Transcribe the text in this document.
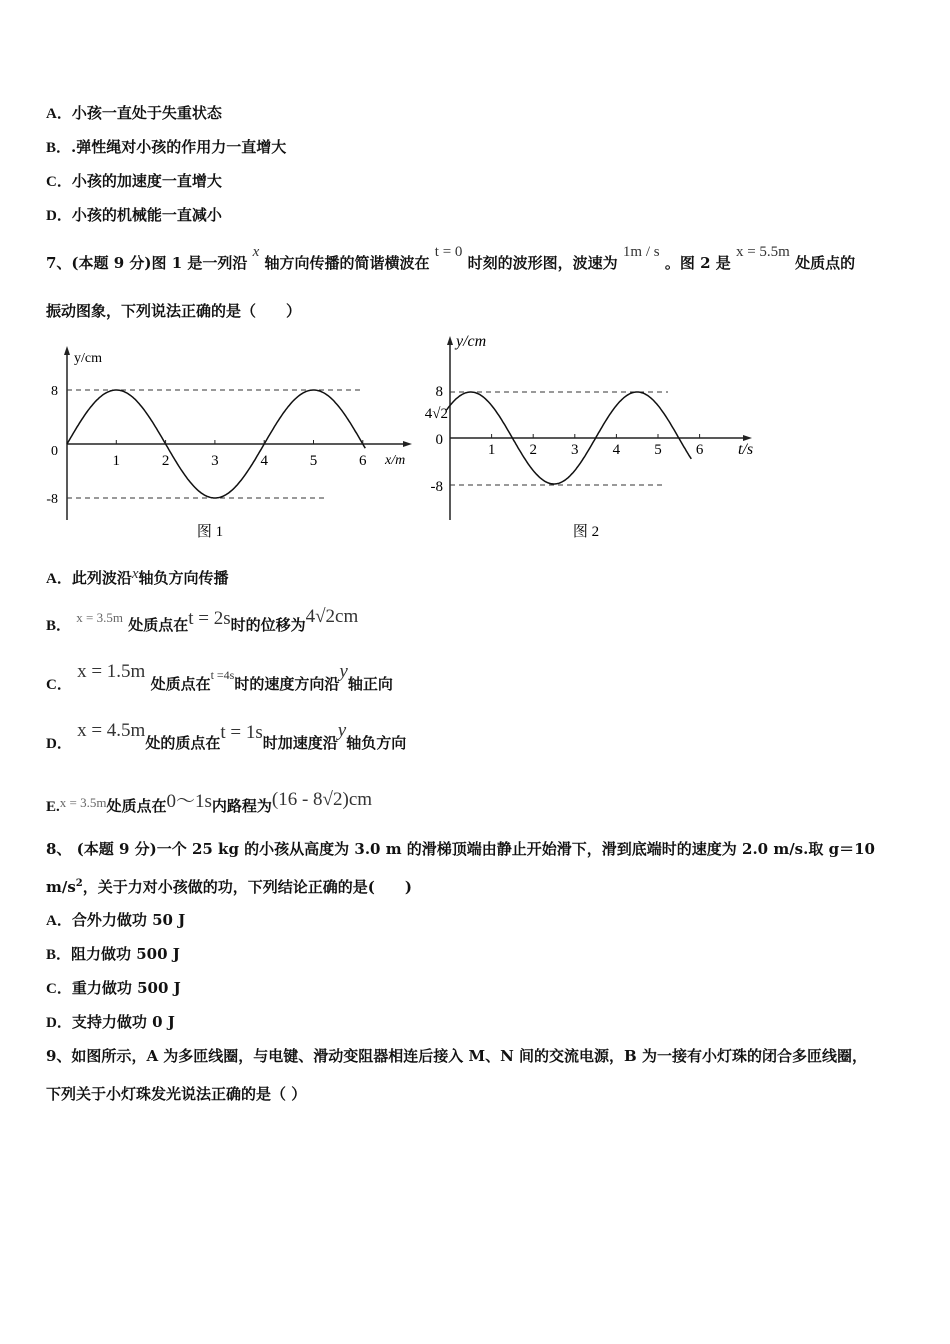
A．小孩一直处于失重状态
B．.弹性绳对小孩的作用力一直增大
C．小孩的加速度一直增大
D．小孩的机械能一直减小
7、(本题 9 分)图 1 是一列沿 x 轴方向传播的简谐横波在 t = 0 时刻的波形图，波速为 1m / s 。图 2 是 x = 5.5m 处质点的
振动图象，下列说法正确的是（　　）
y/cm
x/m
8
0
-8
1	2	3	4	5	6
图 1
y/cm
t/s
8
4√2
0
-8
1 2 3 4 5 6
图 2
A．此列波沿x轴负方向传播
B． x = 3.5m 处质点在t = 2s时的位移为4√2cm
C． x = 1.5m 处质点在$^{t =4s}$时的速度方向沿y轴正向
D． x = 4.5m处的质点在t = 1s时加速度沿y轴负方向
E.x = 3.5m处质点在0～1s内路程为(16 - 8√2)cm
8、 (本题 9 分)一个 25 kg 的小孩从高度为 3.0 m 的滑梯顶端由静止开始滑下，滑到底端时的速度为 2.0 m/s.取 g＝10
$m/s^2$，关于力对小孩做的功，下列结论正确的是(　　)
A．合外力做功 50 J
B．阻力做功 500 J
C．重力做功 500 J
D．支持力做功 0 J
9、如图所示，A 为多匝线圈，与电键、滑动变阻器相连后接入 M、N 间的交流电源，B 为一接有小灯珠的闭合多匝线圈，
下列关于小灯珠发光说法正确的是（ ）
